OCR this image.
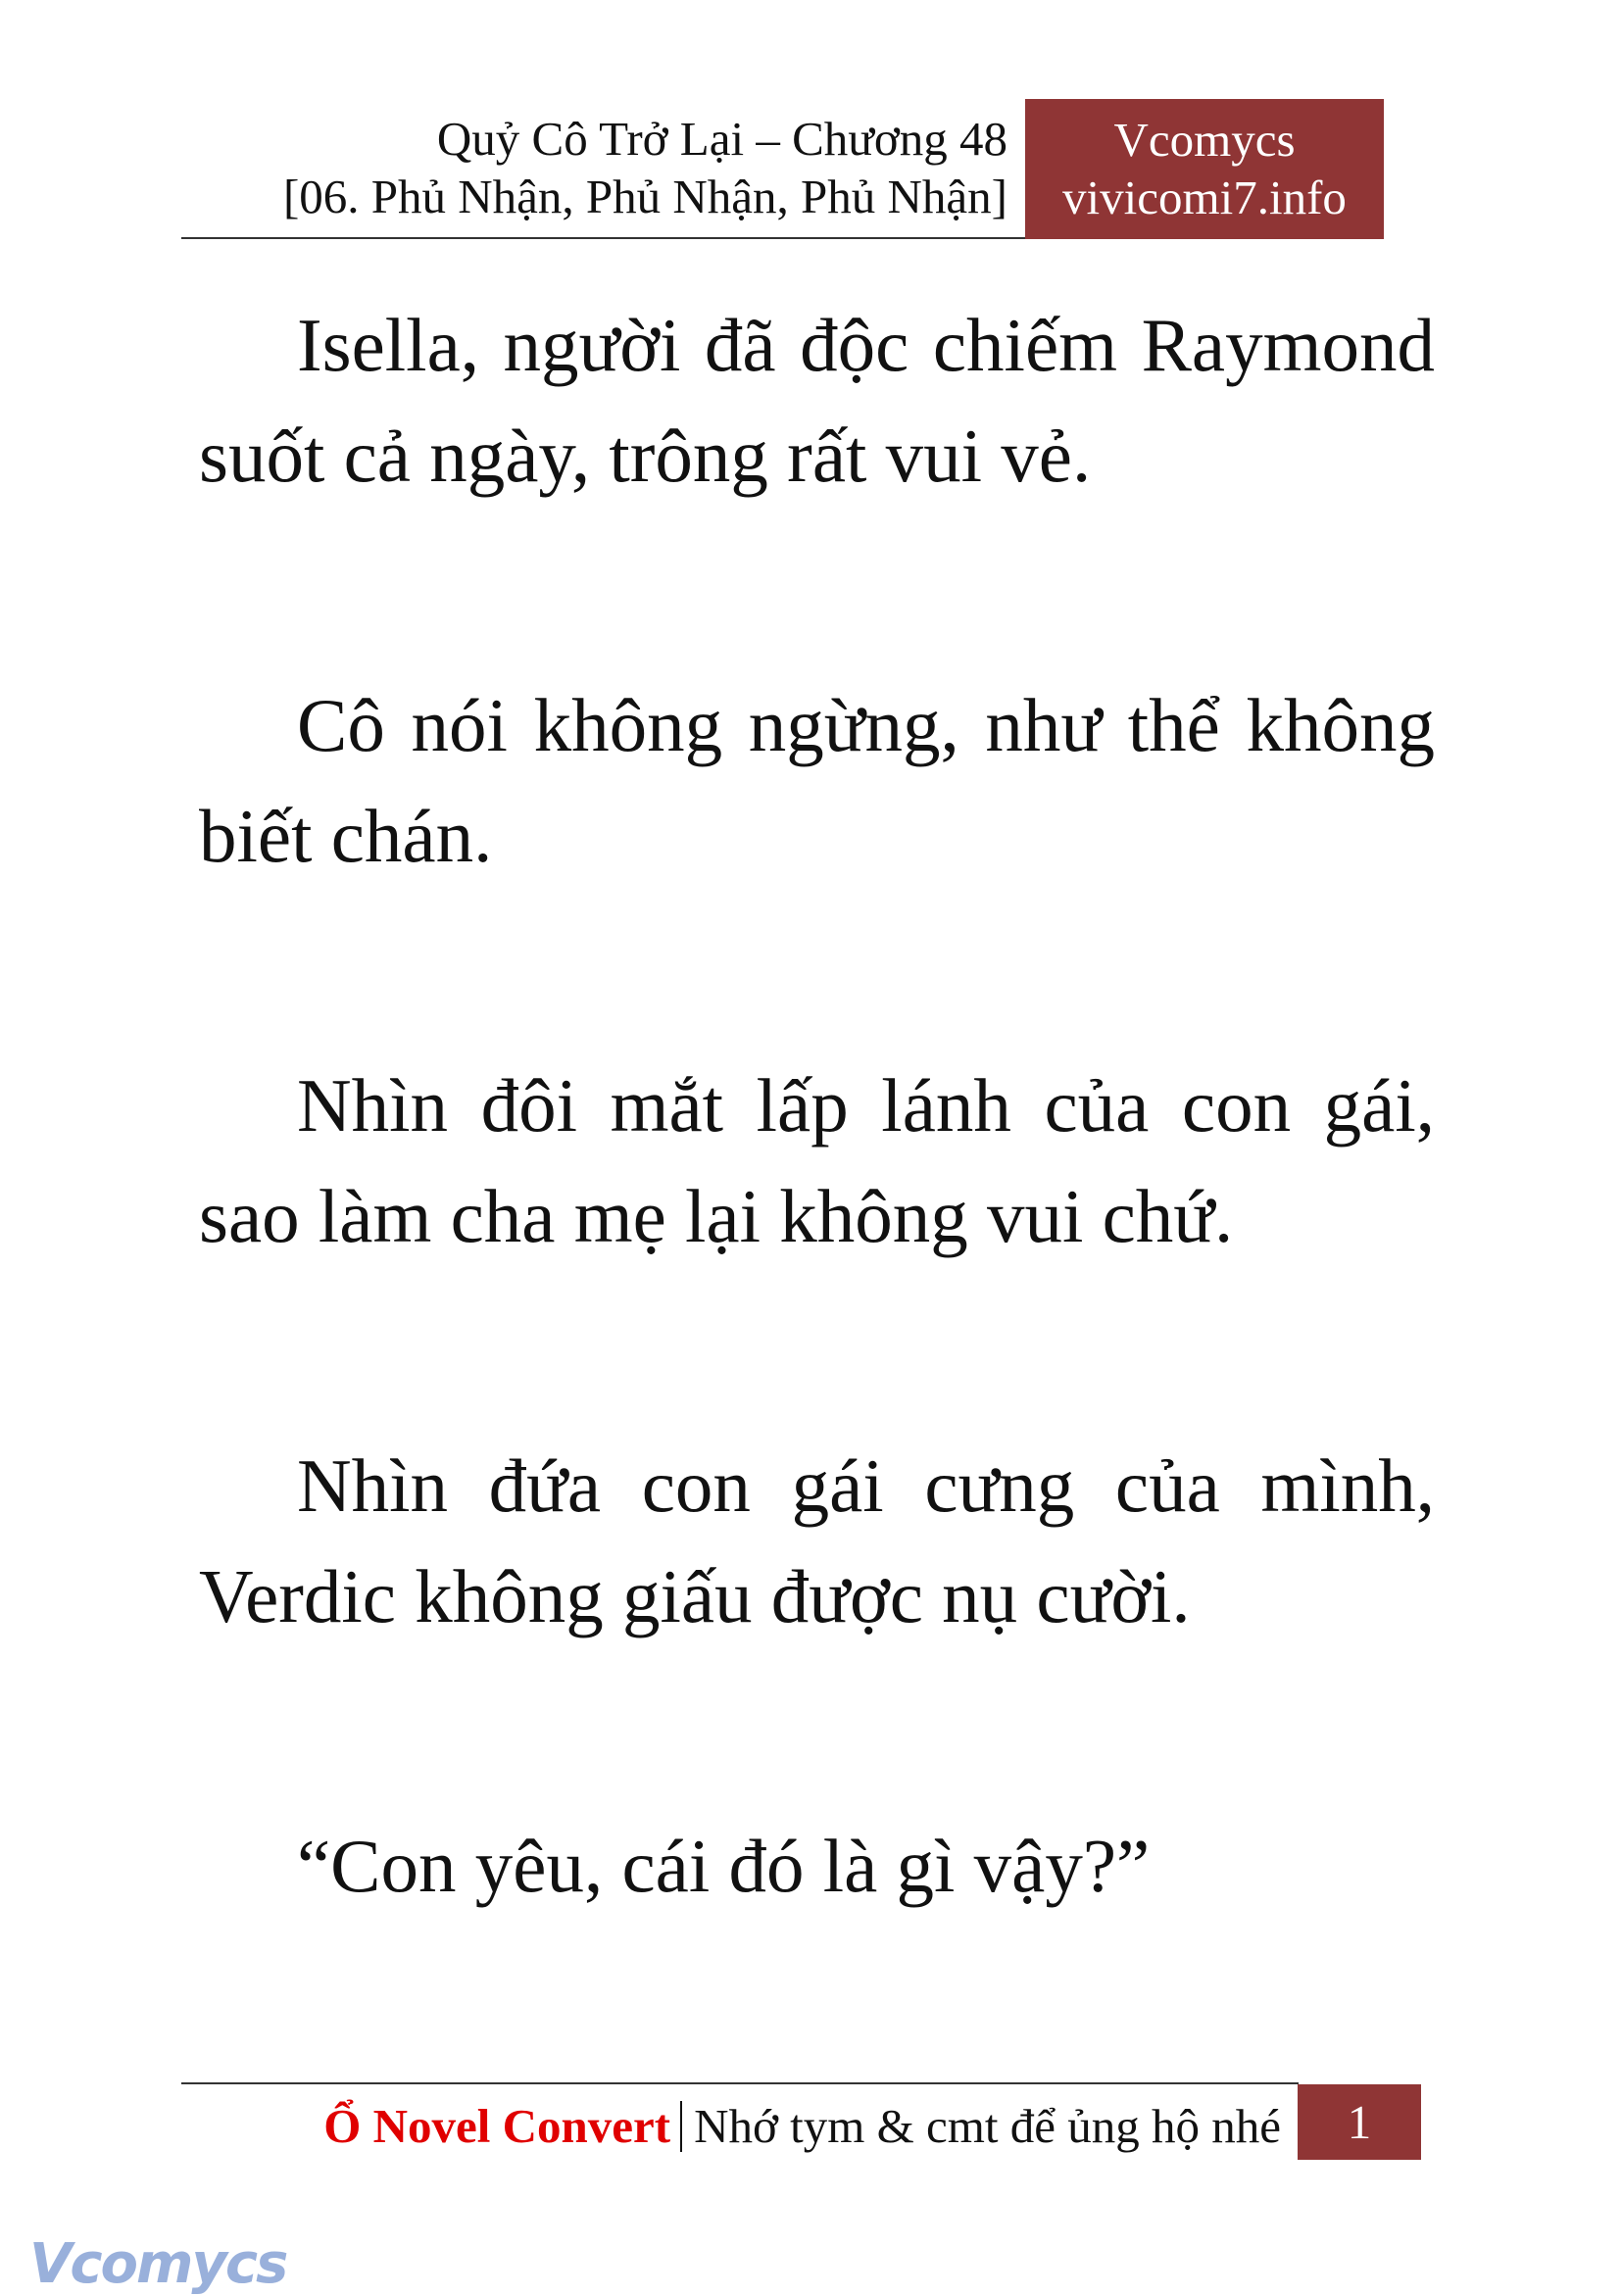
Quỷ Cô Trở Lại – Chương 48
[06. Phủ Nhận, Phủ Nhận, Phủ Nhận]
Vcomycs
vivicomi7.info

Isella, người đã độc chiếm Raymond suốt cả ngày, trông rất vui vẻ.

Cô nói không ngừng, như thể không biết chán.

Nhìn đôi mắt lấp lánh của con gái, sao làm cha mẹ lại không vui chứ.

Nhìn đứa con gái cưng của mình, Verdic không giấu được nụ cười.

“Con yêu, cái đó là gì vậy?”

Ổ Novel Convert Nhớ tym & cmt để ủng hộ nhé	1
Vcomycs
